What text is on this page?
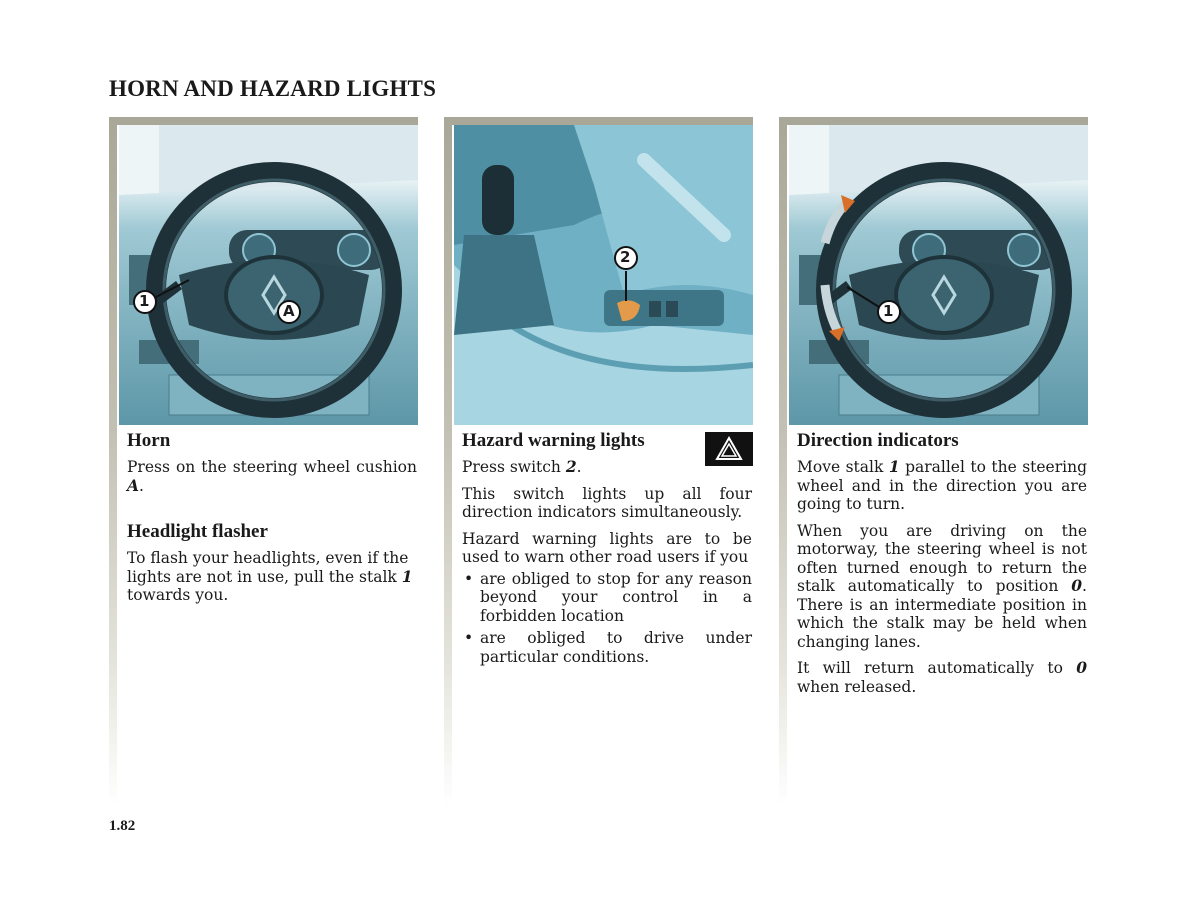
HORN AND HAZARD LIGHTS
1
A
Horn

Press on the steering wheel cushion A.

Headlight flasher

To flash your headlights, even if the lights are not in use, pull the stalk 1 towards you.

2
Hazard warning lights

Press switch 2.

This switch lights up all four direction indicators simultaneously.

Hazard warning lights are to be used to warn other road users if you

• are obliged to stop for any reason beyond your control in a forbidden location
• are obliged to drive under particular conditions.
1
Direction indicators

Move stalk 1 parallel to the steering wheel and in the direction you are going to turn.

When you are driving on the motorway, the steering wheel is not often turned enough to return the stalk automatically to position 0. There is an intermediate position in which the stalk may be held when changing lanes.

It will return automatically to 0 when released.

1.82
